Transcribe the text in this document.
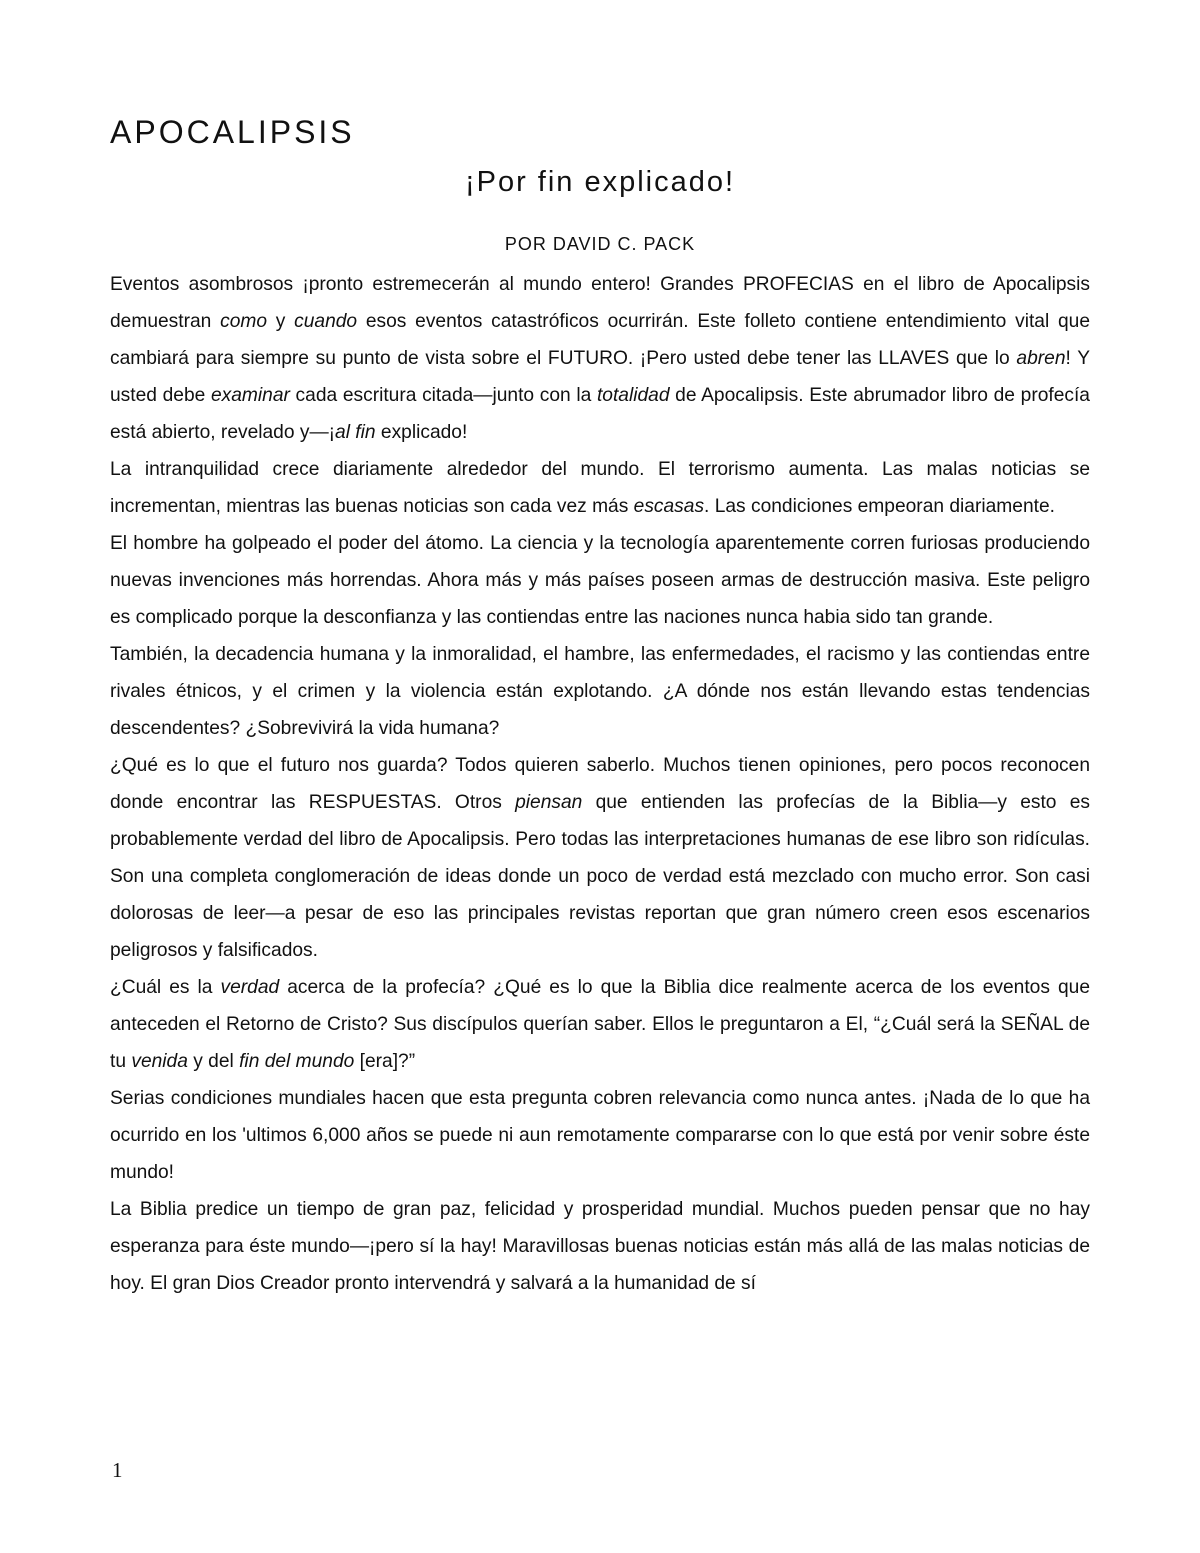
APOCALIPSIS
¡Por fin explicado!
POR DAVID C. PACK

Eventos asombrosos ¡pronto estremecerán al mundo entero! Grandes PROFECIAS en el libro de Apocalipsis demuestran como y cuando esos eventos catastróficos ocurrirán. Este folleto contiene entendimiento vital que cambiará para siempre su punto de vista sobre el FUTURO. ¡Pero usted debe tener las LLAVES que lo abren! Y usted debe examinar cada escritura citada—junto con la totalidad de Apocalipsis. Este abrumador libro de profecía está abierto, revelado y—¡al fin explicado!

La intranquilidad crece diariamente alrededor del mundo. El terrorismo aumenta. Las malas noticias se incrementan, mientras las buenas noticias son cada vez más escasas. Las condiciones empeoran diariamente.

El hombre ha golpeado el poder del átomo. La ciencia y la tecnología aparentemente corren furiosas produciendo nuevas invenciones más horrendas. Ahora más y más países poseen armas de destrucción masiva. Este peligro es complicado porque la desconfianza y las contiendas entre las naciones nunca habia sido tan grande.

También, la decadencia humana y la inmoralidad, el hambre, las enfermedades, el racismo y las contiendas entre rivales étnicos, y el crimen y la violencia están explotando. ¿A dónde nos están llevando estas tendencias descendentes? ¿Sobrevivirá la vida humana?

¿Qué es lo que el futuro nos guarda? Todos quieren saberlo. Muchos tienen opiniones, pero pocos reconocen donde encontrar las RESPUESTAS. Otros piensan que entienden las profecías de la Biblia—y esto es probablemente verdad del libro de Apocalipsis. Pero todas las interpretaciones humanas de ese libro son ridículas. Son una completa conglomeración de ideas donde un poco de verdad está mezclado con mucho error. Son casi dolorosas de leer—a pesar de eso las principales revistas reportan que gran número creen esos escenarios peligrosos y falsificados.

¿Cuál es la verdad acerca de la profecía? ¿Qué es lo que la Biblia dice realmente acerca de los eventos que anteceden el Retorno de Cristo? Sus discípulos querían saber. Ellos le preguntaron a El, “¿Cuál será la SEÑAL de tu venida y del fin del mundo [era]?”

Serias condiciones mundiales hacen que esta pregunta cobren relevancia como nunca antes. ¡Nada de lo que ha ocurrido en los 'ultimos 6,000 años se puede ni aun remotamente compararse con lo que está por venir sobre éste mundo!

La Biblia predice un tiempo de gran paz, felicidad y prosperidad mundial. Muchos pueden pensar que no hay esperanza para éste mundo—¡pero sí la hay! Maravillosas buenas noticias están más allá de las malas noticias de hoy. El gran Dios Creador pronto intervendrá y salvará a la humanidad de sí

1
